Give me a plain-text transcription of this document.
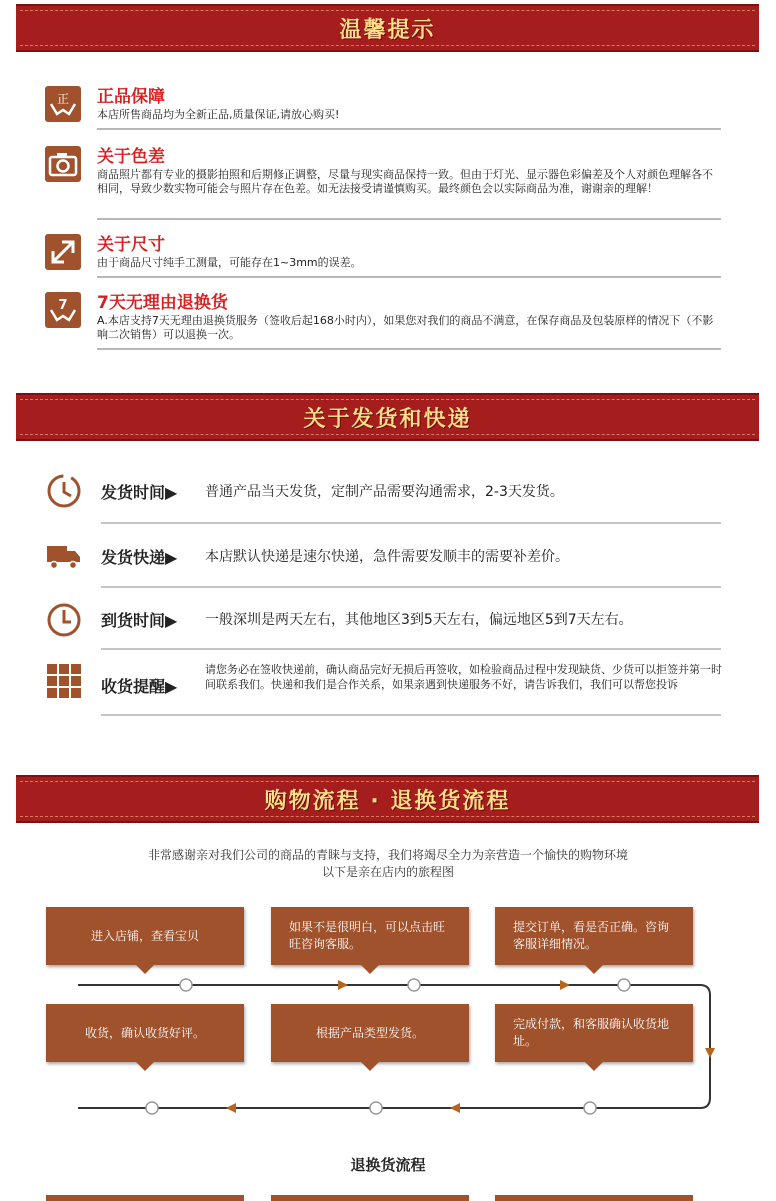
温馨提示
正 正品保障
本店所售商品均为全新正品,质量保证,请放心购买!
关于色差
商品照片都有专业的摄影拍照和后期修正调整，尽量与现实商品保持一致。但由于灯光、显示器色彩偏差及个人对颜色理解各不相同，导致少数实物可能会与照片存在色差。如无法接受请谨慎购买。最终颜色会以实际商品为准，谢谢亲的理解！
关于尺寸
由于商品尺寸纯手工测量，可能存在1~3mm的误差。
7 7天无理由退换货
A.本店支持7天无理由退换货服务（签收后起168小时内），如果您对我们的商品不满意，在保存商品及包装原样的情况下（不影响二次销售）可以退换一次。
关于发货和快递
发货时间▶ 普通产品当天发货，定制产品需要沟通需求，2-3天发货。
发货快递▶ 本店默认快递是速尔快递，急件需要发顺丰的需要补差价。
到货时间▶ 一般深圳是两天左右，其他地区3到5天左右，偏远地区5到7天左右。
收货提醒▶
请您务必在签收快递前，确认商品完好无损后再签收，如检验商品过程中发现缺货、少货可以拒签并第一时间联系我们。快递和我们是合作关系，如果亲遇到快递服务不好，请告诉我们，我们可以帮您投诉
购物流程 · 退换货流程
非常感谢亲对我们公司的商品的青睐与支持，我们将竭尽全力为亲营造一个愉快的购物环境
以下是亲在店内的旅程图
进入店铺，查看宝贝
如果不是很明白，可以点击旺旺咨询客服。
提交订单，看是否正确。咨询客服详细情况。
收货，确认收货好评。	根据产品类型发货。
完成付款，和客服确认收货地址。
退换货流程
